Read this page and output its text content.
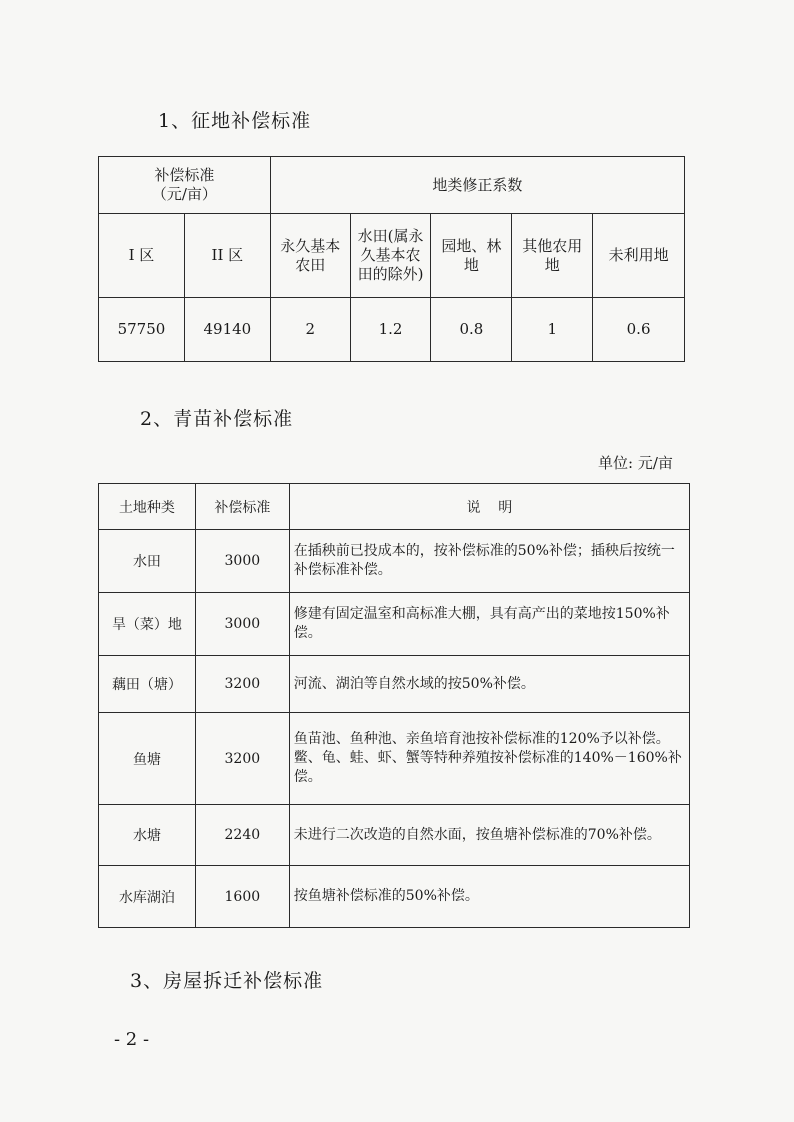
1、征地补偿标准
补偿标准
（元/亩）		地类修正系数				
I 区	II 区	永久基本农田	水田(属永久基本农田的除外)	园地、林地	其他农用地	未利用地
57750	49140	2	1.2	0.8	1	0.6
2、青苗补偿标准
单位: 元/亩
土地种类	补偿标准	说    明
水田	3000	在插秧前已投成本的，按补偿标准的50%补偿；插秧后按统一补偿标准补偿。
旱（菜）地	3000	修建有固定温室和高标准大棚，具有高产出的菜地按150%补偿。
藕田（塘）	3200	河流、湖泊等自然水域的按50%补偿。
鱼塘	3200	鱼苗池、鱼种池、亲鱼培育池按补偿标准的120%予以补偿。鳖、龟、蛙、虾、蟹等特种养殖按补偿标准的140%－160%补偿。
水塘	2240	未进行二次改造的自然水面，按鱼塘补偿标准的70%补偿。
水库湖泊	1600	按鱼塘补偿标准的50%补偿。
3、房屋拆迁补偿标准
- 2 -
